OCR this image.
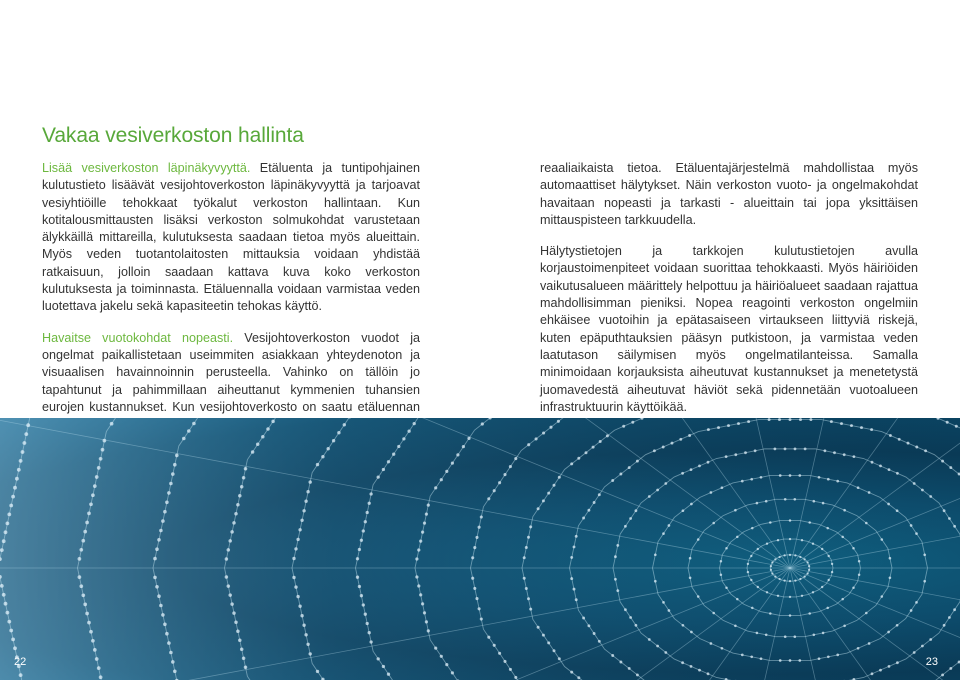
Vakaa vesiverkoston hallinta

Lisää vesiverkoston läpinäkyvyyttä. Etäluenta ja tuntipohjainen kulutustieto lisäävät vesijohtoverkoston läpinäkyvyyttä ja tarjoavat vesiyhtiöille tehokkaat työkalut verkoston hallintaan. Kun kotitalousmittausten lisäksi verkoston solmukohdat varustetaan älykkäillä mittareilla, kulutuksesta saadaan tietoa myös alueittain. Myös veden tuotantolaitosten mittauksia voidaan yhdistää ratkaisuun, jolloin saadaan kattava kuva koko verkoston kulutuksesta ja toiminnasta. Etäluennalla voidaan varmistaa veden luotettava jakelu sekä kapasiteetin tehokas käyttö.

Havaitse vuotokohdat nopeasti. Vesijohtoverkoston vuodot ja ongelmat paikallistetaan useimmiten asiakkaan yhteydenoton ja visuaalisen havainnoinnin perusteella. Vahinko on tällöin jo tapahtunut ja pahimmillaan aiheuttanut kymmenien tuhansien eurojen kustannukset. Kun vesijohtoverkosto on saatu etäluennan

reaaliaikaista tietoa. Etäluentajärjestelmä mahdollistaa myös automaattiset hälytykset. Näin verkoston vuoto- ja ongelmakohdat havaitaan nopeasti ja tarkasti - alueittain tai jopa yksittäisen mittauspisteen tarkkuudella.

Hälytystietojen ja tarkkojen kulutustietojen avulla korjaustoimenpiteet voidaan suorittaa tehokkaasti. Myös häiriöiden vaikutusalueen määrittely helpottuu ja häiriöalueet saadaan rajattua mahdollisimman pieniksi. Nopea reagointi verkoston ongelmiin ehkäisee vuotoihin ja epätasaiseen virtaukseen liittyviä riskejä, kuten epäputhtauksien pääsyn putkistoon, ja varmistaa veden laatutason säilymisen myös ongelmatilanteissa. Samalla minimoidaan korjauksista aiheutuvat kustannukset ja menetetystä juomavedestä aiheutuvat häviöt sekä pidennetään vuotoalueen infrastruktuurin käyttöikää.

22	23
